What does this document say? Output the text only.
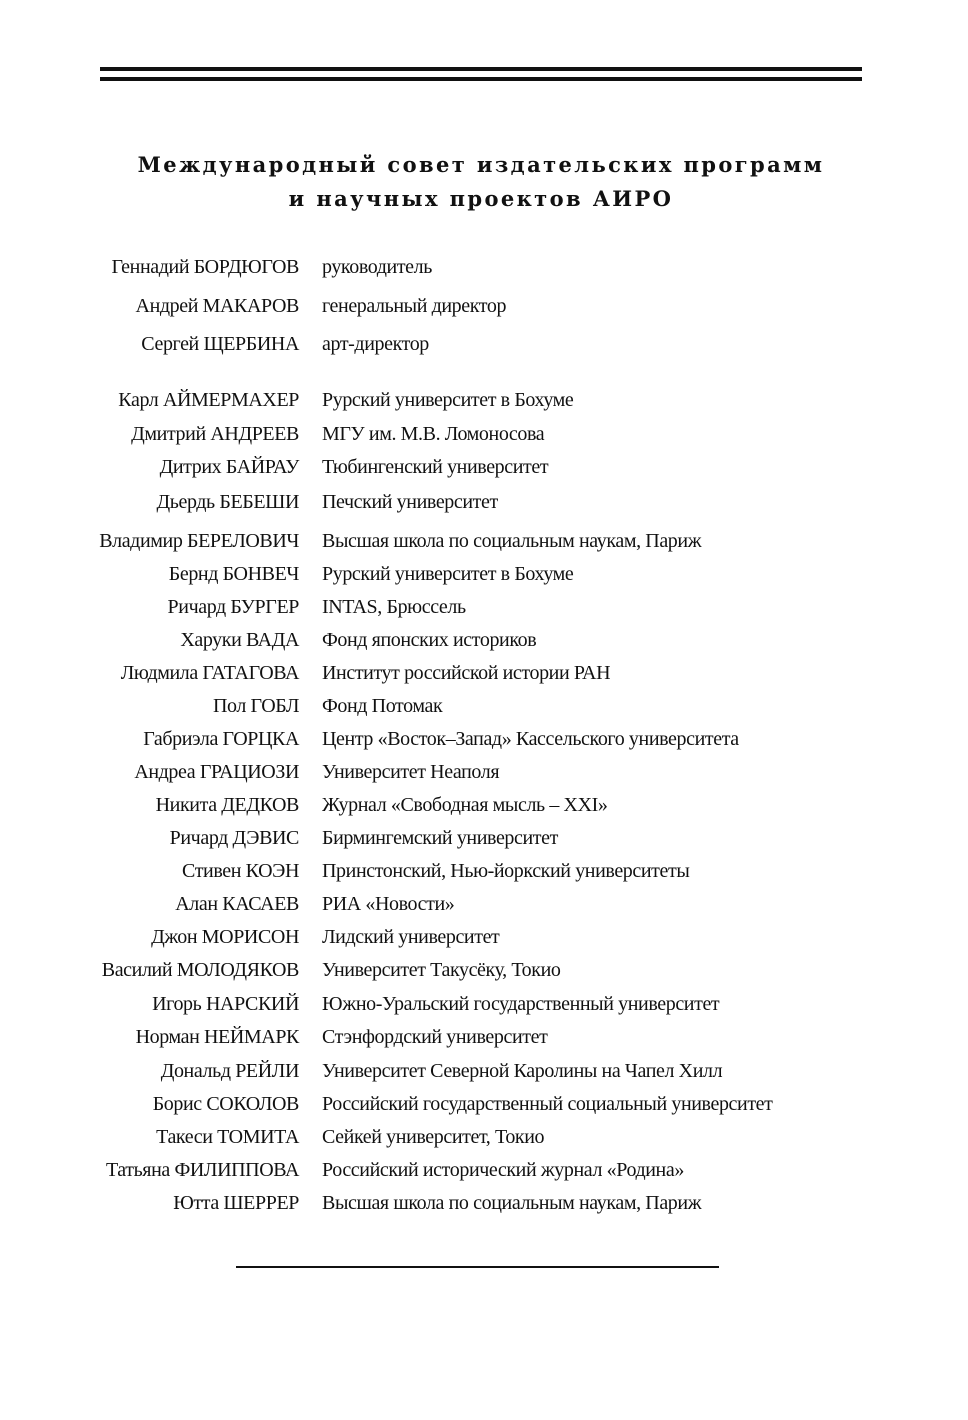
Международный совет издательских программ
и научных проектов АИРО
Геннадий БОРДЮГОВ руководитель
Андрей МАКАРОВ генеральный директор
Сергей ЩЕРБИНА арт-директор
Карл АЙМЕРМАХЕР Рурский университет в Бохуме
Дмитрий АНДРЕЕВ МГУ им. М.В. Ломоносова
Дитрих БАЙРАУ Тюбингенский университет
Дьердь БЕБЕШИ Печский университет
Владимир БЕРЕЛОВИЧ Высшая школа по социальным наукам, Париж
Бернд БОНВЕЧ Рурский университет в Бохуме
Ричард БУРГЕР INTAS, Брюссель
Харуки ВАДА Фонд японских историков
Людмила ГАТАГОВА Институт российской истории РАН
Пол ГОБЛ Фонд Потомак
Габриэла ГОРЦКА Центр «Восток–Запад» Кассельского университета
Андреа ГРАЦИОЗИ Университет Неаполя
Никита ДЕДКОВ Журнал «Свободная мысль – XXI»
Ричард ДЭВИС Бирмингемский университет
Стивен КОЭН Принстонский, Нью-йоркский университеты
Алан КАСАЕВ РИА «Новости»
Джон МОРИСОН Лидский университет
Василий МОЛОДЯКОВ Университет Такусёку, Токио
Игорь НАРСКИЙ Южно-Уральский государственный университет
Норман НЕЙМАРК Стэнфордский университет
Дональд РЕЙЛИ Университет Северной Каролины на Чапел Хилл
Борис СОКОЛОВ Российский государственный социальный университет
Такеси ТОМИТА Сейкей университет, Токио
Татьяна ФИЛИППОВА Российский исторический журнал «Родина»
Ютта ШЕРРЕР Высшая школа по социальным наукам, Париж
